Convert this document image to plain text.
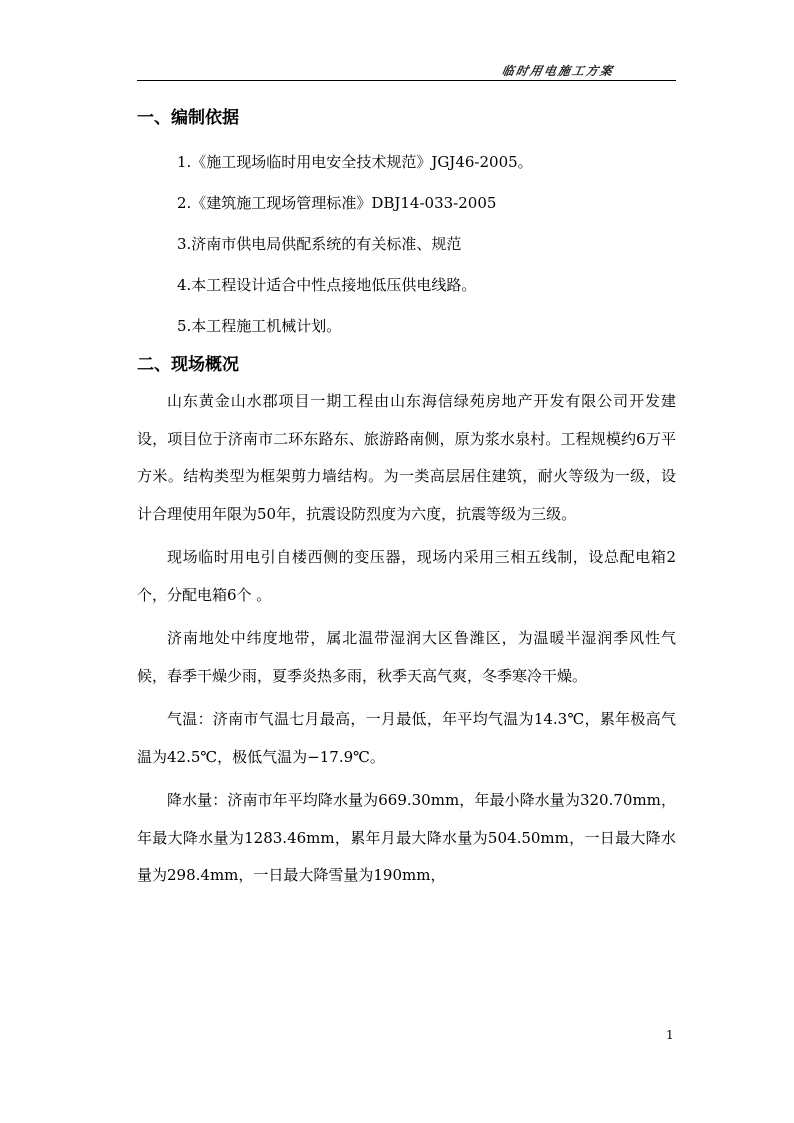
临时用电施工方案
一、编制依据

1.《施工现场临时用电安全技术规范》JGJ46-2005。

2.《建筑施工现场管理标准》DBJ14-033-2005

3.济南市供电局供配系统的有关标准、规范

4.本工程设计适合中性点接地低压供电线路。

5.本工程施工机械计划。

二、现场概况

山东黄金山水郡项目一期工程由山东海信绿苑房地产开发有限公司开发建设，项目位于济南市二环东路东、旅游路南侧，原为浆水泉村。工程规模约6万平方米。结构类型为框架剪力墙结构。为一类高层居住建筑，耐火等级为一级，设计合理使用年限为50年，抗震设防烈度为六度，抗震等级为三级。

现场临时用电引自楼西侧的变压器，现场内采用三相五线制，设总配电箱2个，分配电箱6个 。

济南地处中纬度地带，属北温带湿润大区鲁潍区，为温暖半湿润季风性气候，春季干燥少雨，夏季炎热多雨，秋季天高气爽，冬季寒冷干燥。

气温：济南市气温七月最高，一月最低，年平均气温为14.3℃，累年极高气温为42.5℃，极低气温为−17.9℃。

降水量：济南市年平均降水量为669.30mm，年最小降水量为320.70mm，年最大降水量为1283.46mm，累年月最大降水量为504.50mm，一日最大降水量为298.4mm，一日最大降雪量为190mm，

1
